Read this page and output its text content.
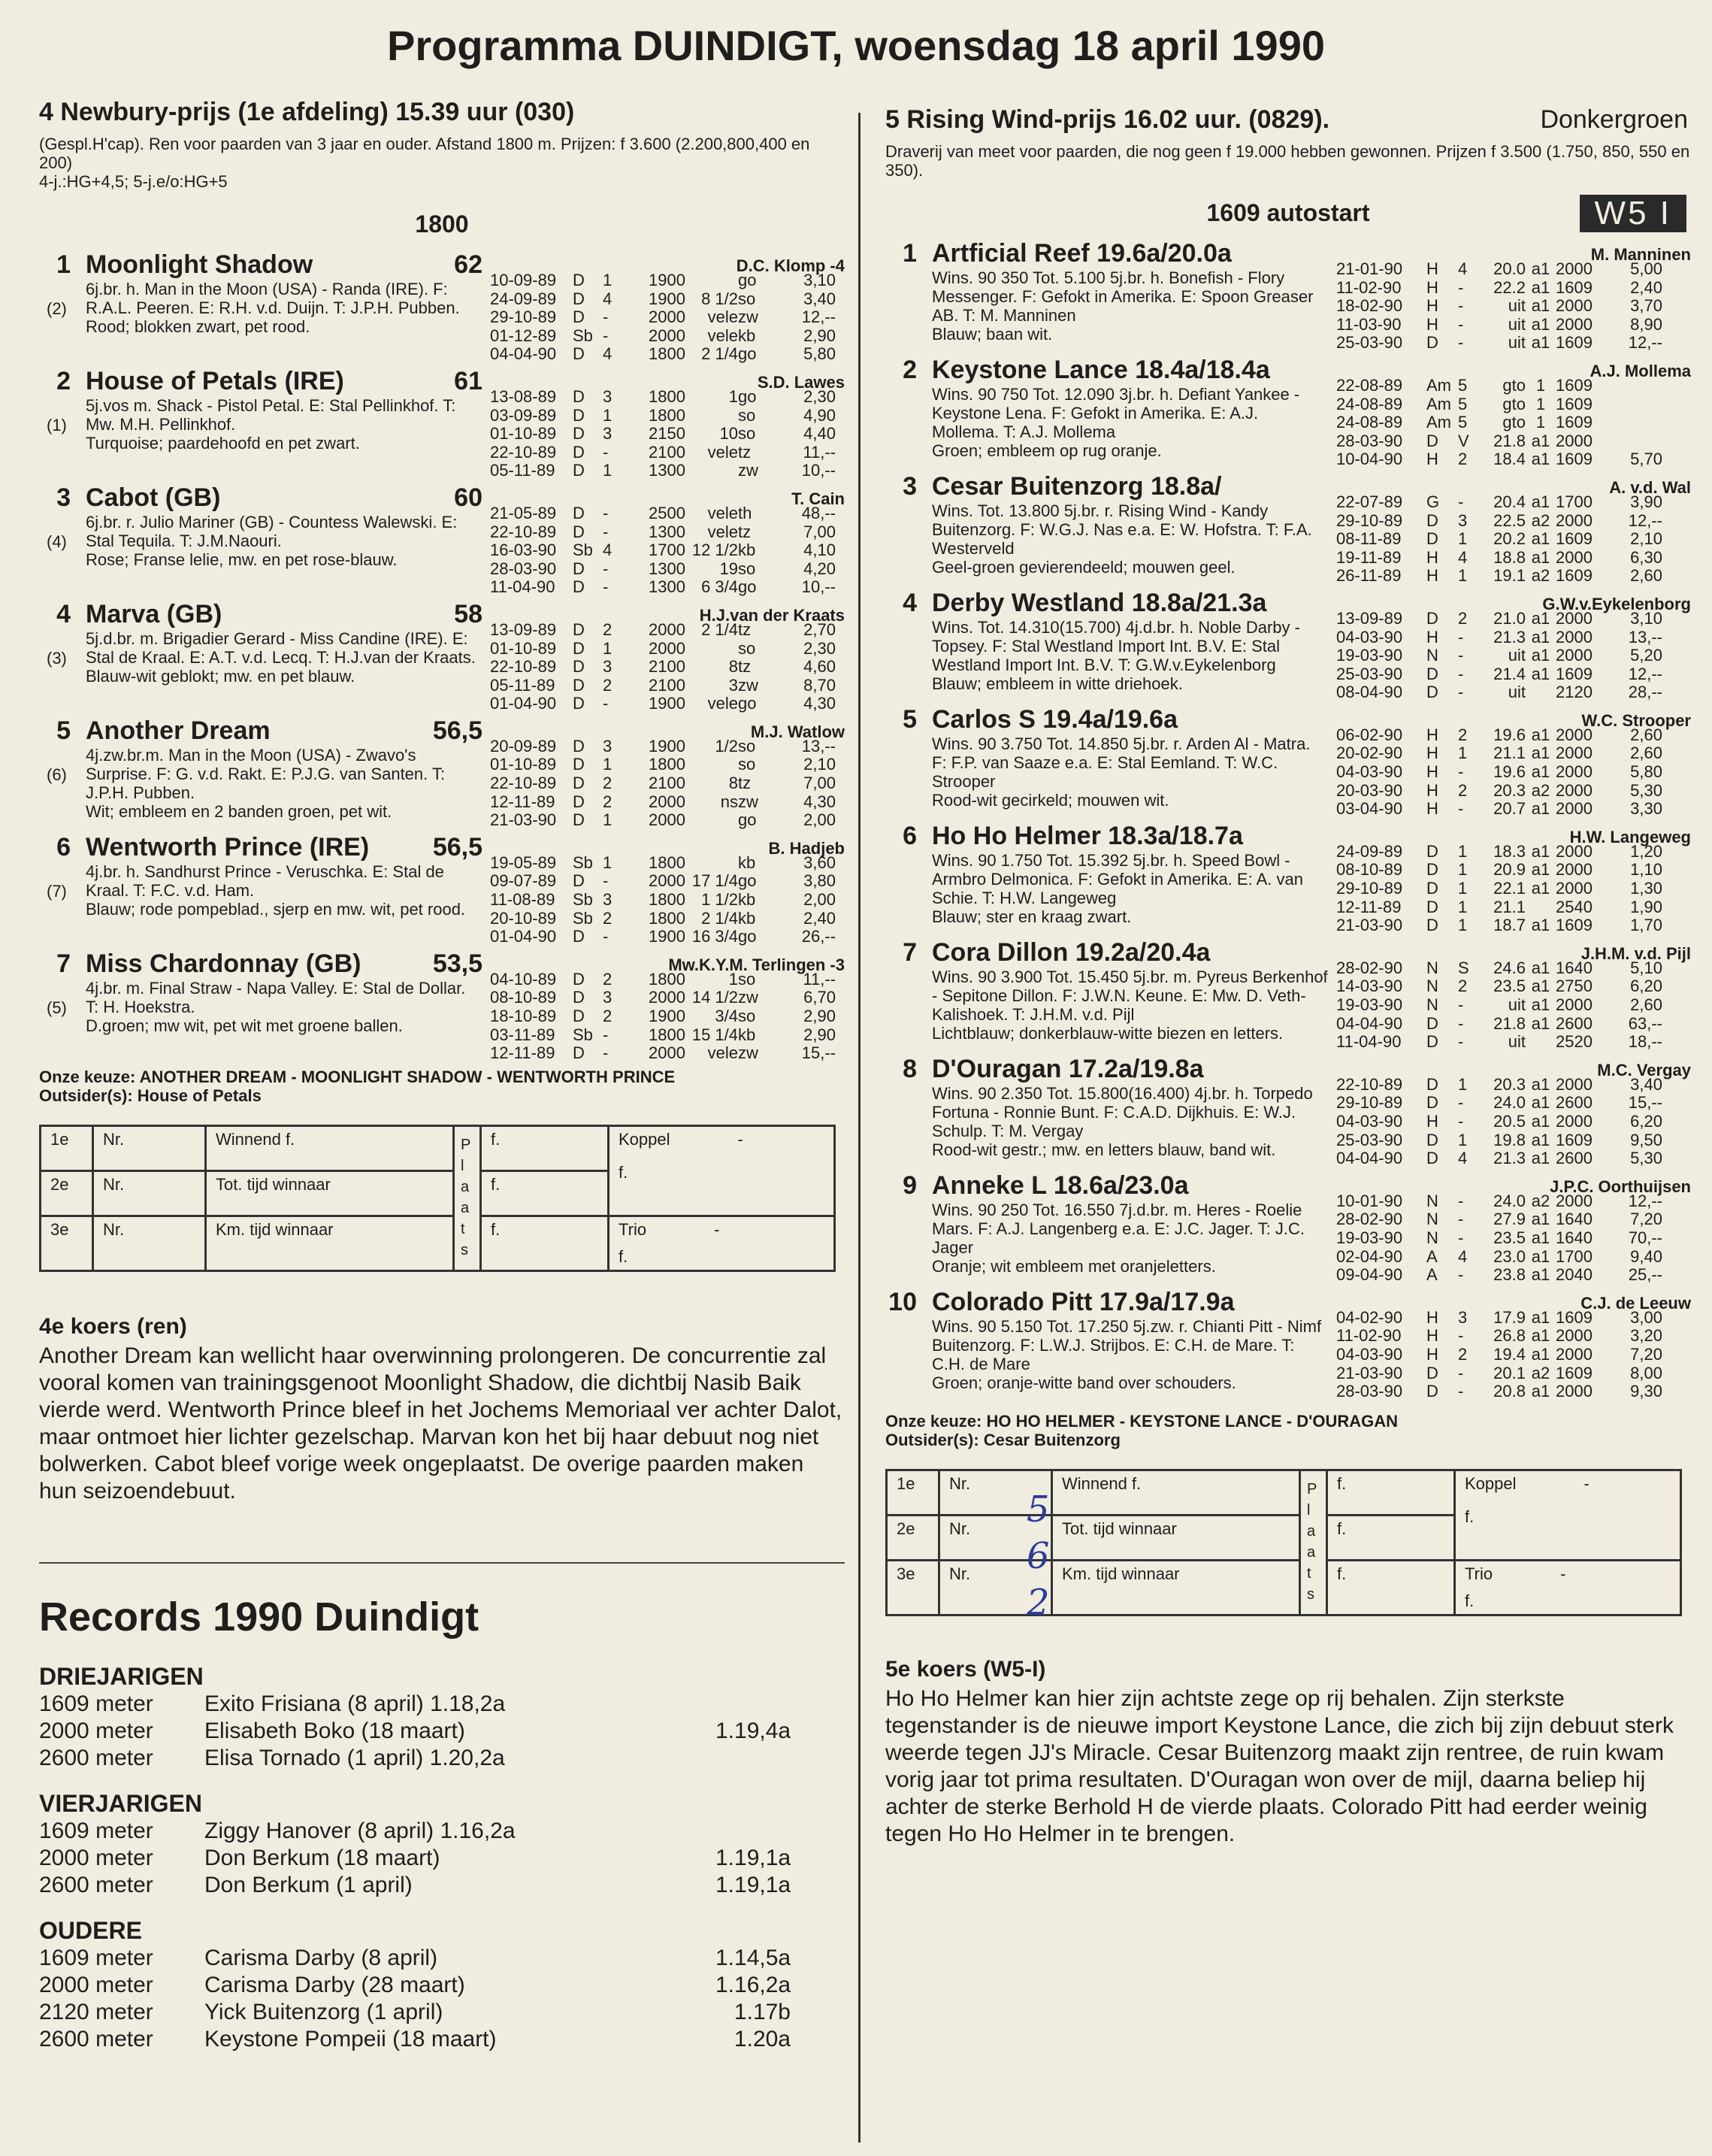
Programma DUINDIGT, woensdag 18 april 1990
4 Newbury-prijs (1e afdeling) 15.39 uur (030)
(Gespl.H'cap). Ren voor paarden van 3 jaar en ouder. Afstand 1800 m. Prijzen: f 3.600 (2.200,800,400 en 200)
4-j.:HG+4,5; 5-j.e/o:HG+5
1800
1 Moonlight Shadow	62
(2)
6j.br. h. Man in the Moon (USA) - Randa (IRE). F: R.A.L. Peeren. E: R.H. v.d. Duijn. T: J.P.H. Pubben.
Rood; blokken zwart, pet rood.
D.C. Klomp -4
10-09-89 D	1	1900	go	3,10
24-09-89 D	4	1900 8 1/2 so	3,40
29-10-89 D	-	2000	vele zw	12,--
01-12-89 Sb -	2000	vele kb	2,90
04-04-90 D	4	1800 2 1/4 go	5,80
2 House of Petals (IRE)	61
(1)
5j.vos m. Shack - Pistol Petal. E: Stal Pellinkhof. T: Mw. M.H. Pellinkhof.
Turquoise; paardehoofd en pet zwart.
S.D. Lawes
13-08-89 D	3	1800	1 go	2,30
03-09-89 D	1	1800	so	4,90
01-10-89 D	3	2150	10 so	4,40
22-10-89 D	-	2100	vele tz	11,--
05-11-89	D	1	1300	zw	10,--
3 Cabot (GB)	60
(4)
6j.br. r. Julio Mariner (GB) - Countess Walewski. E: Stal Tequila. T: J.M.Naouri.
Rose; Franse lelie, mw. en pet rose-blauw.
T. Cain
21-05-89 D	-	2500	vele th	48,--
22-10-89 D	-	1300	vele tz	7,00
16-03-90 Sb 4	1700 12 1/2 kb	4,10
28-03-90 D	-	1300	19 so	4,20
11-04-90	D	-	1300 6 3/4 go	10,--
4 Marva (GB)	58
(3)
5j.d.br. m. Brigadier Gerard - Miss Candine (IRE). E: Stal de Kraal. E: A.T. v.d. Lecq. T: H.J.van der Kraats.
Blauw-wit geblokt; mw. en pet blauw.
H.J.van der Kraats
13-09-89 D	2	2000 2 1/4 tz	2,70
01-10-89 D	1	2000	so	2,30
22-10-89 D	3	2100	8 tz	4,60
05-11-89	D	2	2100	3 zw	8,70
01-04-90 D	-	1900	vele go	4,30
5 Another Dream	56,5
(6)
4j.zw.br.m. Man in the Moon (USA) - Zwavo's Surprise. F: G. v.d. Rakt. E: P.J.G. van Santen. T: J.P.H. Pubben.
Wit; embleem en 2 banden groen, pet wit.
M.J. Watlow
20-09-89 D	3	1900	1/2 so	13,--
01-10-89 D	1	1800	so	2,10
22-10-89 D	2	2100	8 tz	7,00
12-11-89	D	2	2000	ns zw	4,30
21-03-90 D	1	2000	go	2,00
6 Wentworth Prince (IRE)	56,5
(7)
4j.br. h. Sandhurst Prince - Veruschka. E: Stal de Kraal. T: F.C. v.d. Ham.
Blauw; rode pompeblad., sjerp en mw. wit, pet rood.
B. Hadjeb
19-05-89 Sb 1	1800	kb	3,60
09-07-89 D	-	2000 17 1/4 go	3,80
11-08-89	Sb 3	1800 1 1/2 kb	2,00
20-10-89 Sb 2	1800 2 1/4 kb	2,40
01-04-90 D	-	1900 16 3/4 go	26,--
7 Miss Chardonnay (GB)	53,5
(5)
4j.br. m. Final Straw - Napa Valley. E: Stal de Dollar. T: H. Hoekstra.
D.groen; mw wit, pet wit met groene ballen.
Mw.K.Y.M. Terlingen -3
04-10-89 D	2	1800	1 so	11,--
08-10-89 D	3	2000 14 1/2 zw	6,70
18-10-89 D	2	1900	3/4 so	2,90
03-11-89	Sb -	1800 15 1/4 kb	2,90
12-11-89	D	-	2000	vele zw	15,--
Onze keuze: ANOTHER DREAM - MOONLIGHT SHADOW - WENTWORTH PRINCE
Outsider(s): House of Petals
1e	Nr.	Winnend f.	P l a a t s	f.	Koppel -
f.

2e	Nr.	Tot. tijd winnaar		f.	
3e	Nr.	Km. tijd winnaar		f.	Trio -
f.
4e koers (ren)

Another Dream kan wellicht haar overwinning prolongeren. De concurrentie zal vooral komen van trainingsgenoot Moonlight Shadow, die dichtbij Nasib Baik vierde werd. Wentworth Prince bleef in het Jochems Memoriaal ver achter Dalot, maar ontmoet hier lichter gezelschap. Marvan kon het bij haar debuut nog niet bolwerken. Cabot bleef vorige week ongeplaatst. De overige paarden maken hun seizoendebuut.

Records 1990 Duindigt
DRIEJARIGEN
1609 meter	Exito Frisiana (8 april) 1.18,2a
2000 meter	Elisabeth Boko (18 maart)	1.19,4a
2600 meter	Elisa Tornado (1 april) 1.20,2a
VIERJARIGEN
1609 meter	Ziggy Hanover (8 april) 1.16,2a
2000 meter	Don Berkum (18 maart)	1.19,1a
2600 meter	Don Berkum (1 april)	1.19,1a
OUDERE
1609 meter	Carisma Darby (8 april)	1.14,5a
2000 meter	Carisma Darby (28 maart)	1.16,2a
2120 meter	Yick Buitenzorg (1 april)	1.17b
2600 meter	Keystone Pompeii (18 maart)	1.20a
5 Rising Wind-prijs 16.02 uur. (0829).	Donkergroen
Draverij van meet voor paarden, die nog geen f 19.000 hebben gewonnen. Prijzen f 3.500 (1.750, 850, 550 en 350).
1609 autostart	W5 I
1 Artficial Reef 19.6a/20.0a
Wins. 90 350 Tot. 5.100 5j.br. h. Bonefish - Flory Messenger. F: Gefokt in Amerika. E: Spoon Greaser AB. T: M. Manninen
Blauw; baan wit.
M. Manninen
21-01-90	H	4	20.0 a1 2000	5,00
11-02-90	H	-	22.2 a1 1609	2,40
18-02-90	H	-	uit a1 2000	3,70
11-03-90	H	-	uit a1 2000	8,90
25-03-90	D	-	uit a1 1609	12,--
2 Keystone Lance 18.4a/18.4a
Wins. 90 750 Tot. 12.090 3j.br. h. Defiant Yankee - Keystone Lena. F: Gefokt in Amerika. E: A.J. Mollema. T: A.J. Mollema
Groen; embleem op rug oranje.
A.J. Mollema
22-08-89	Am 5	gto 1 1609
24-08-89	Am 5	gto 1 1609
24-08-89	Am 5	gto 1 1609
28-03-90	D	V	21.8 a1 2000
10-04-90	H	2	18.4 a1 1609	5,70
3 Cesar Buitenzorg 18.8a/
Wins. Tot. 13.800 5j.br. r. Rising Wind - Kandy Buitenzorg. F: W.G.J. Nas e.a. E: W. Hofstra. T: F.A. Westerveld
Geel-groen gevierendeeld; mouwen geel.
A. v.d. Wal
22-07-89	G	-	20.4 a1 1700	3,90
29-10-89	D	3	22.5 a2 2000	12,--
08-11-89	D	1	20.2 a1 1609	2,10
19-11-89	H	4	18.8 a1 2000	6,30
26-11-89	H	1	19.1 a2 1609	2,60
4 Derby Westland 18.8a/21.3a
Wins. Tot. 14.310(15.700) 4j.d.br. h. Noble Darby - Topsey. F: Stal Westland Import Int. B.V. E: Stal Westland Import Int. B.V. T: G.W.v.Eykelenborg
Blauw; embleem in witte driehoek.
G.W.v.Eykelenborg
13-09-89	D	2	21.0 a1 2000	3,10
04-03-90	H	-	21.3 a1 2000	13,--
19-03-90	N	-	uit a1 2000	5,20
25-03-90	D	-	21.4 a1 1609	12,--
08-04-90	D	-	uit 2120	28,--
5 Carlos S 19.4a/19.6a
Wins. 90 3.750 Tot. 14.850 5j.br. r. Arden Al - Matra. F: F.P. van Saaze e.a. E: Stal Eemland. T: W.C. Strooper
Rood-wit gecirkeld; mouwen wit.
W.C. Strooper
06-02-90	H	2	19.6 a1 2000	2,60
20-02-90	H	1	21.1 a1 2000	2,60
04-03-90	H	-	19.6 a1 2000	5,80
20-03-90	H	2	20.3 a2 2000	5,30
03-04-90	H	-	20.7 a1 2000	3,30
6 Ho Ho Helmer 18.3a/18.7a
Wins. 90 1.750 Tot. 15.392 5j.br. h. Speed Bowl - Armbro Delmonica. F: Gefokt in Amerika. E: A. van Schie. T: H.W. Langeweg
Blauw; ster en kraag zwart.
H.W. Langeweg
24-09-89	D	1	18.3 a1 2000	1,20
08-10-89	D	1	20.9 a1 2000	1,10
29-10-89	D	1	22.1 a1 2000	1,30
12-11-89	D	1	21.1 2540	1,90
21-03-90	D	1	18.7 a1 1609	1,70
7 Cora Dillon 19.2a/20.4a
Wins. 90 3.900 Tot. 15.450 5j.br. m. Pyreus Berkenhof - Sepitone Dillon. F: J.W.N. Keune. E: Mw. D. Veth-Kalishoek. T: J.H.M. v.d. Pijl
Lichtblauw; donkerblauw-witte biezen en letters.
J.H.M. v.d. Pijl
28-02-90	N	S	24.6 a1 1640	5,10
14-03-90	N	2	23.5 a1 2750	6,20
19-03-90	N	-	uit a1 2000	2,60
04-04-90	D	-	21.8 a1 2600	63,--
11-04-90	D	-	uit 2520	18,--
8 D'Ouragan 17.2a/19.8a
Wins. 90 2.350 Tot. 15.800(16.400) 4j.br. h. Torpedo Fortuna - Ronnie Bunt. F: C.A.D. Dijkhuis. E: W.J. Schulp. T: M. Vergay
Rood-wit gestr.; mw. en letters blauw, band wit.
M.C. Vergay
22-10-89	D	1	20.3 a1 2000	3,40
29-10-89	D	-	24.0 a1 2600	15,--
04-03-90	H	-	20.5 a1 2000	6,20
25-03-90	D	1	19.8 a1 1609	9,50
04-04-90	D	4	21.3 a1 2600	5,30
9 Anneke L 18.6a/23.0a
Wins. 90 250 Tot. 16.550 7j.d.br. m. Heres - Roelie Mars. F: A.J. Langenberg e.a. E: J.C. Jager. T: J.C. Jager
Oranje; wit embleem met oranjeletters.
J.P.C. Oorthuijsen
10-01-90	N	-	24.0 a2 2000	12,--
28-02-90	N	-	27.9 a1 1640	7,20
19-03-90	N	-	23.5 a1 1640	70,--
02-04-90	A	4	23.0 a1 1700	9,40
09-04-90	A	-	23.8 a1 2040	25,--
10 Colorado Pitt 17.9a/17.9a
Wins. 90 5.150 Tot. 17.250 5j.zw. r. Chianti Pitt - Nimf Buitenzorg. F: L.W.J. Strijbos. E: C.H. de Mare. T: C.H. de Mare
Groen; oranje-witte band over schouders.
C.J. de Leeuw
04-02-90	H	3	17.9 a1 1609	3,00
11-02-90	H	-	26.8 a1 2000	3,20
04-03-90	H	2	19.4 a1 2000	7,20
21-03-90	D	-	20.1 a2 1609	8,00
28-03-90	D	-	20.8 a1 2000	9,30
Onze keuze: HO HO HELMER - KEYSTONE LANCE - D'OURAGAN
Outsider(s): Cesar Buitenzorg
1e	Nr.	Winnend f.	P l a a t s	f.	Koppel -
f.

2e	Nr.	Tot. tijd winnaar		f.	
3e	Nr.	Km. tijd winnaar		f.	Trio -
f.
5
6
2
5e koers (W5-I)

Ho Ho Helmer kan hier zijn achtste zege op rij behalen. Zijn sterkste tegenstander is de nieuwe import Keystone Lance, die zich bij zijn debuut sterk weerde tegen JJ's Miracle. Cesar Buitenzorg maakt zijn rentree, de ruin kwam vorig jaar tot prima resultaten. D'Ouragan won over de mijl, daarna beliep hij achter de sterke Berhold H de vierde plaats. Colorado Pitt had eerder weinig tegen Ho Ho Helmer in te brengen.
